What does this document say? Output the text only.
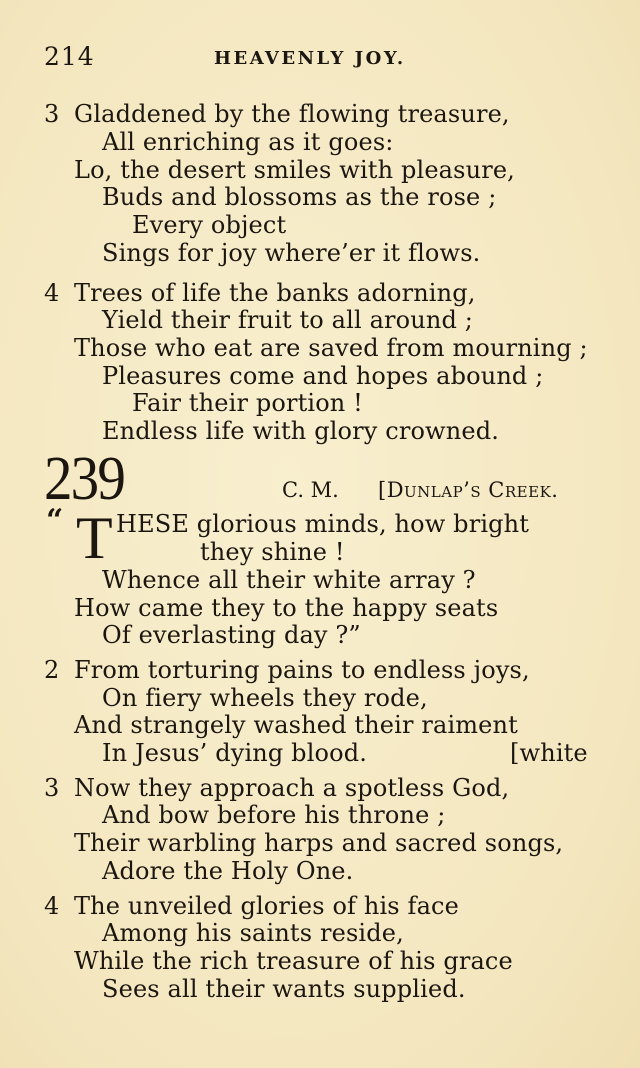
214	HEAVENLY JOY.
3 Gladdened by the flowing treasure,
All enriching as it goes:
Lo, the desert smiles with pleasure,
Buds and blossoms as the rose ;
Every object
Sings for joy where’er it flows.
4 Trees of life the banks adorning,
Yield their fruit to all around ;
Those who eat are saved from mourning ;
Pleasures come and hopes abound ;
Fair their portion !
Endless life with glory crowned.
239	C. M. [Dunlap’s Creek.
“ T HESE glorious minds, how bright
they shine !
Whence all their white array ?
How came they to the happy seats
Of everlasting day ?”
2 From torturing pains to endless joys,
On fiery wheels they rode,
And strangely washed their raiment
In Jesus’ dying blood.	[white
3 Now they approach a spotless God,
And bow before his throne ;
Their warbling harps and sacred songs,
Adore the Holy One.
4 The unveiled glories of his face
Among his saints reside,
While the rich treasure of his grace
Sees all their wants supplied.
